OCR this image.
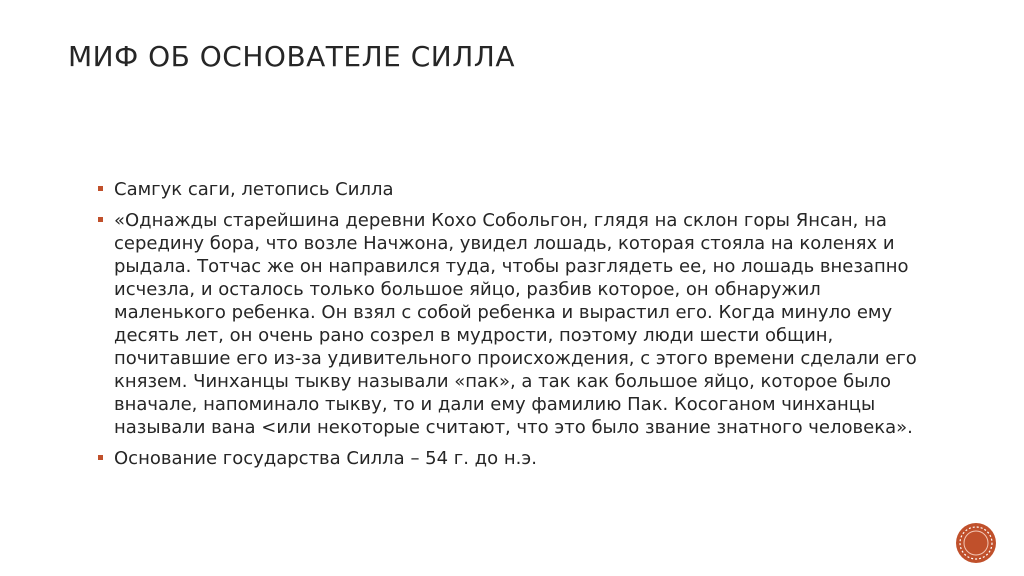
МИФ ОБ ОСНОВАТЕЛЕ СИЛЛА
Самгук саги, летопись Силла
«Однажды старейшина деревни Кохо Собольгон, глядя на склон горы Янсан, на середину бора, что возле Начжона, увидел лошадь, которая стояла на коленях и рыдала. Тотчас же он направился туда, чтобы разглядеть ее, но лошадь внезапно исчезла, и осталось только большое яйцо, разбив которое, он обнаружил маленького ребенка. Он взял с собой ребенка и вырастил его. Когда минуло ему десять лет, он очень рано созрел в мудрости, поэтому люди шести общин, почитавшие его из-за удивительного происхождения, с этого времени сделали его князем. Чинханцы тыкву называли «пак», а так как большое яйцо, которое было вначале, напоминало тыкву, то и дали ему фамилию Пак. Косоганом чинханцы называли вана <или некоторые считают, что это было звание знатного человека».
Основание государства Силла – 54 г. до н.э.
